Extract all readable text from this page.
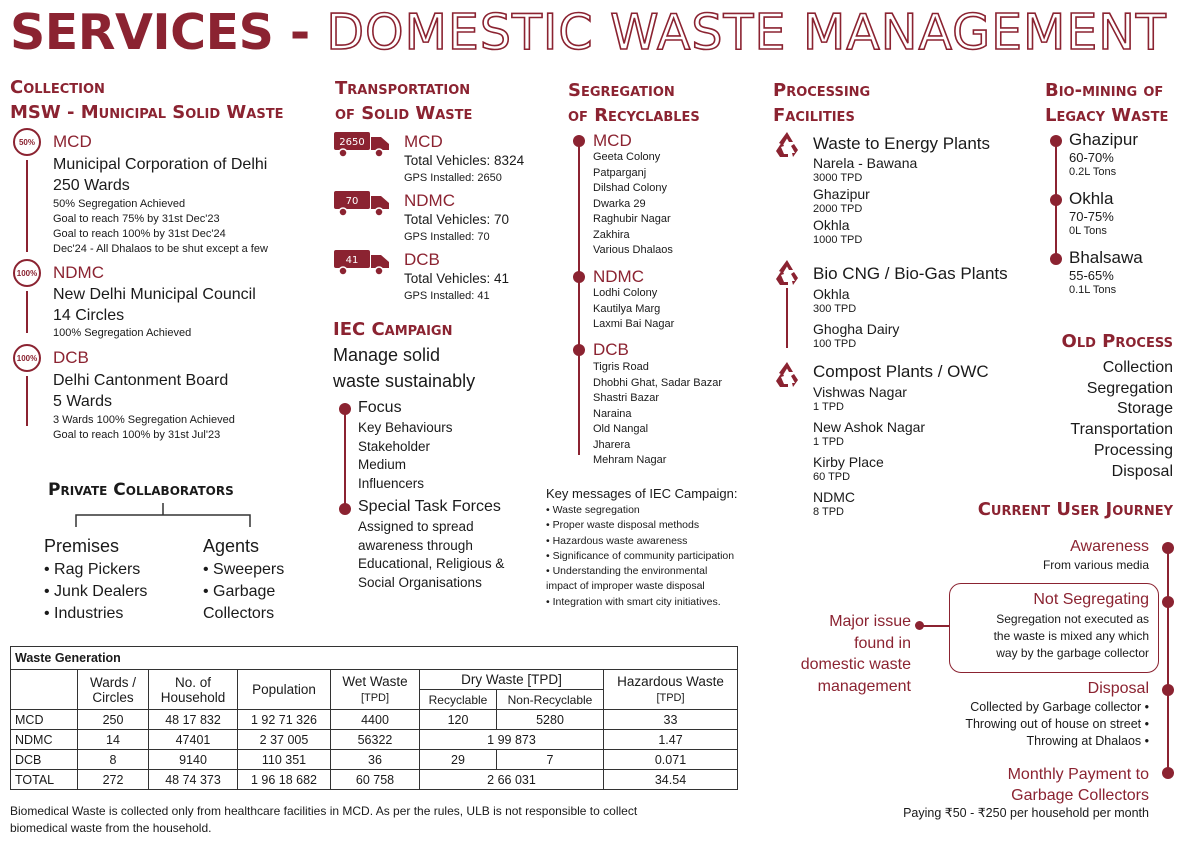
SERVICES - DOMESTIC WASTE MANAGEMENT
Collection
MSW - Municipal Solid Waste
50%	MCD
Municipal Corporation of Delhi
250 Wards
50% Segregation Achieved
Goal to reach 75% by 31st Dec'23
Goal to reach 100% by 31st Dec'24
Dec'24 - All Dhalaos to be shut except a few
100% NDMC
New Delhi Municipal Council
14 Circles
100% Segregation Achieved
100% DCB
Delhi Cantonment Board
5 Wards
3 Wards 100% Segregation Achieved
Goal to reach 100% by 31st Jul'23
Private Collaborators
Premises
• Rag Pickers
• Junk Dealers
• Industries
Agents
• Sweepers
• Garbage
Collectors
Transportation
of Solid Waste
2650 MCD
Total Vehicles: 8324
GPS Installed: 2650
70	NDMC
Total Vehicles: 70
GPS Installed: 70
41	DCB
Total Vehicles: 41
GPS Installed: 41
IEC Campaign
Manage solid
waste sustainably
Focus
Key Behaviours
Stakeholder
Medium
Influencers
Special Task Forces
Assigned to spread
awareness through
Educational, Religious &
Social Organisations
Segregation
of Recyclables
MCD
Geeta Colony
Patparganj
Dilshad Colony
Dwarka 29
Raghubir Nagar
Zakhira
Various Dhalaos
NDMC
Lodhi Colony
Kautilya Marg
Laxmi Bai Nagar
DCB
Tigris Road
Dhobhi Ghat, Sadar Bazar
Shastri Bazar
Naraina
Old Nangal
Jharera
Mehram Nagar
Key messages of IEC Campaign:
• Waste segregation
• Proper waste disposal methods
• Hazardous waste awareness
• Significance of community participation
• Understanding the environmental
impact of improper waste disposal
• Integration with smart city initiatives.
Processing
Facilities
Waste to Energy Plants
Narela - Bawana
3000 TPD
Ghazipur
2000 TPD
Okhla
1000 TPD
Bio CNG / Bio-Gas Plants
Okhla
300 TPD
Ghogha Dairy
100 TPD
Compost Plants / OWC
Vishwas Nagar
1 TPD
New Ashok Nagar
1 TPD
Kirby Place
60 TPD
NDMC
8 TPD
Bio-mining of
Legacy Waste
Ghazipur
60-70%
0.2L Tons
Okhla
70-75%
0L Tons
Bhalsawa
55-65%
0.1L Tons
Old Process
Collection
Segregation
Storage
Transportation
Processing
Disposal
Current User Journey
Awareness
From various media
Not Segregating
Segregation not executed as
the waste is mixed any which
way by the garbage collector
Major issue
found in
domestic waste
management	Disposal
Collected by Garbage collector •
Throwing out of house on street •
Throwing at Dhalaos •
Monthly Payment to
Garbage Collectors
Paying ₹50 - ₹250 per household per month
Waste Generation							
	Wards /
Circles	No. of
Household	Population	Wet Waste
[TPD]	Dry Waste [TPD]		Hazardous Waste
[TPD]
					Recyclable	Non-Recyclable	
MCD	250	48 17 832	1 92 71 326	4400	120	5280	33
NDMC	14	47401	2 37 005	56322	1 99 873		1.47
DCB	8	9140	110 351	36	29	7	0.071
TOTAL	272	48 74 373	1 96 18 682	60 758	2 66 031		34.54
Biomedical Waste is collected only from healthcare facilities in MCD. As per the rules, ULB is not responsible to collect
biomedical waste from the household.
